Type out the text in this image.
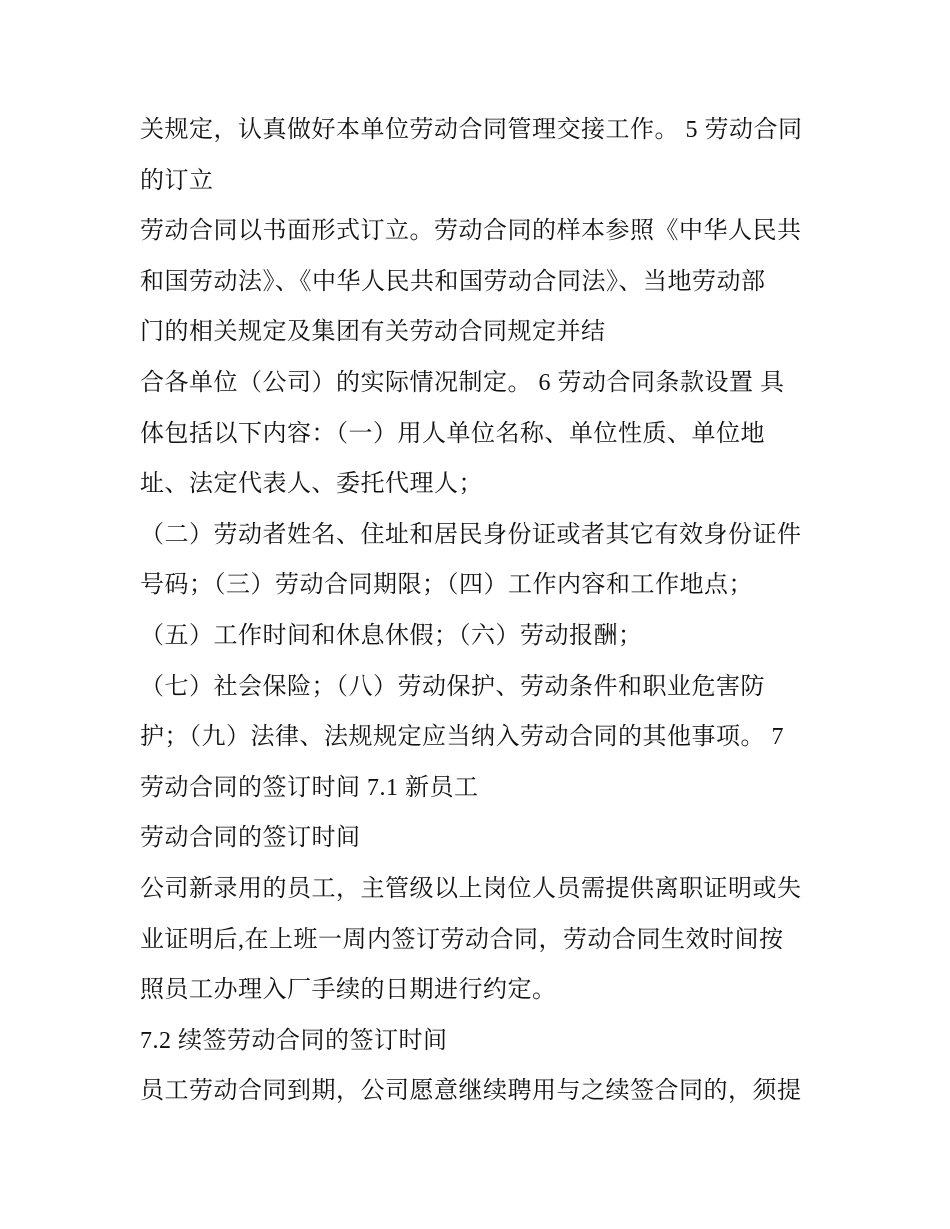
关规定，认真做好本单位劳动合同管理交接工作。 5 劳动合同
的订立
劳动合同以书面形式订立。劳动合同的样本参照《中华人民共
和国劳动法》、《中华人民共和国劳动合同法》、当地劳动部
门的相关规定及集团有关劳动合同规定并结
合各单位（公司）的实际情况制定。 6 劳动合同条款设置 具
体包括以下内容：（一）用人单位名称、单位性质、单位地
址、法定代表人、委托代理人；
（二）劳动者姓名、住址和居民身份证或者其它有效身份证件
号码；（三）劳动合同期限；（四）工作内容和工作地点；
（五）工作时间和休息休假；（六）劳动报酬；
（七）社会保险；（八）劳动保护、劳动条件和职业危害防
护；（九）法律、法规规定应当纳入劳动合同的其他事项。 7
劳动合同的签订时间 7.1 新员工
劳动合同的签订时间
公司新录用的员工，主管级以上岗位人员需提供离职证明或失
业证明后,在上班一周内签订劳动合同，劳动合同生效时间按
照员工办理入厂手续的日期进行约定。
7.2 续签劳动合同的签订时间
员工劳动合同到期，公司愿意继续聘用与之续签合同的，须提
